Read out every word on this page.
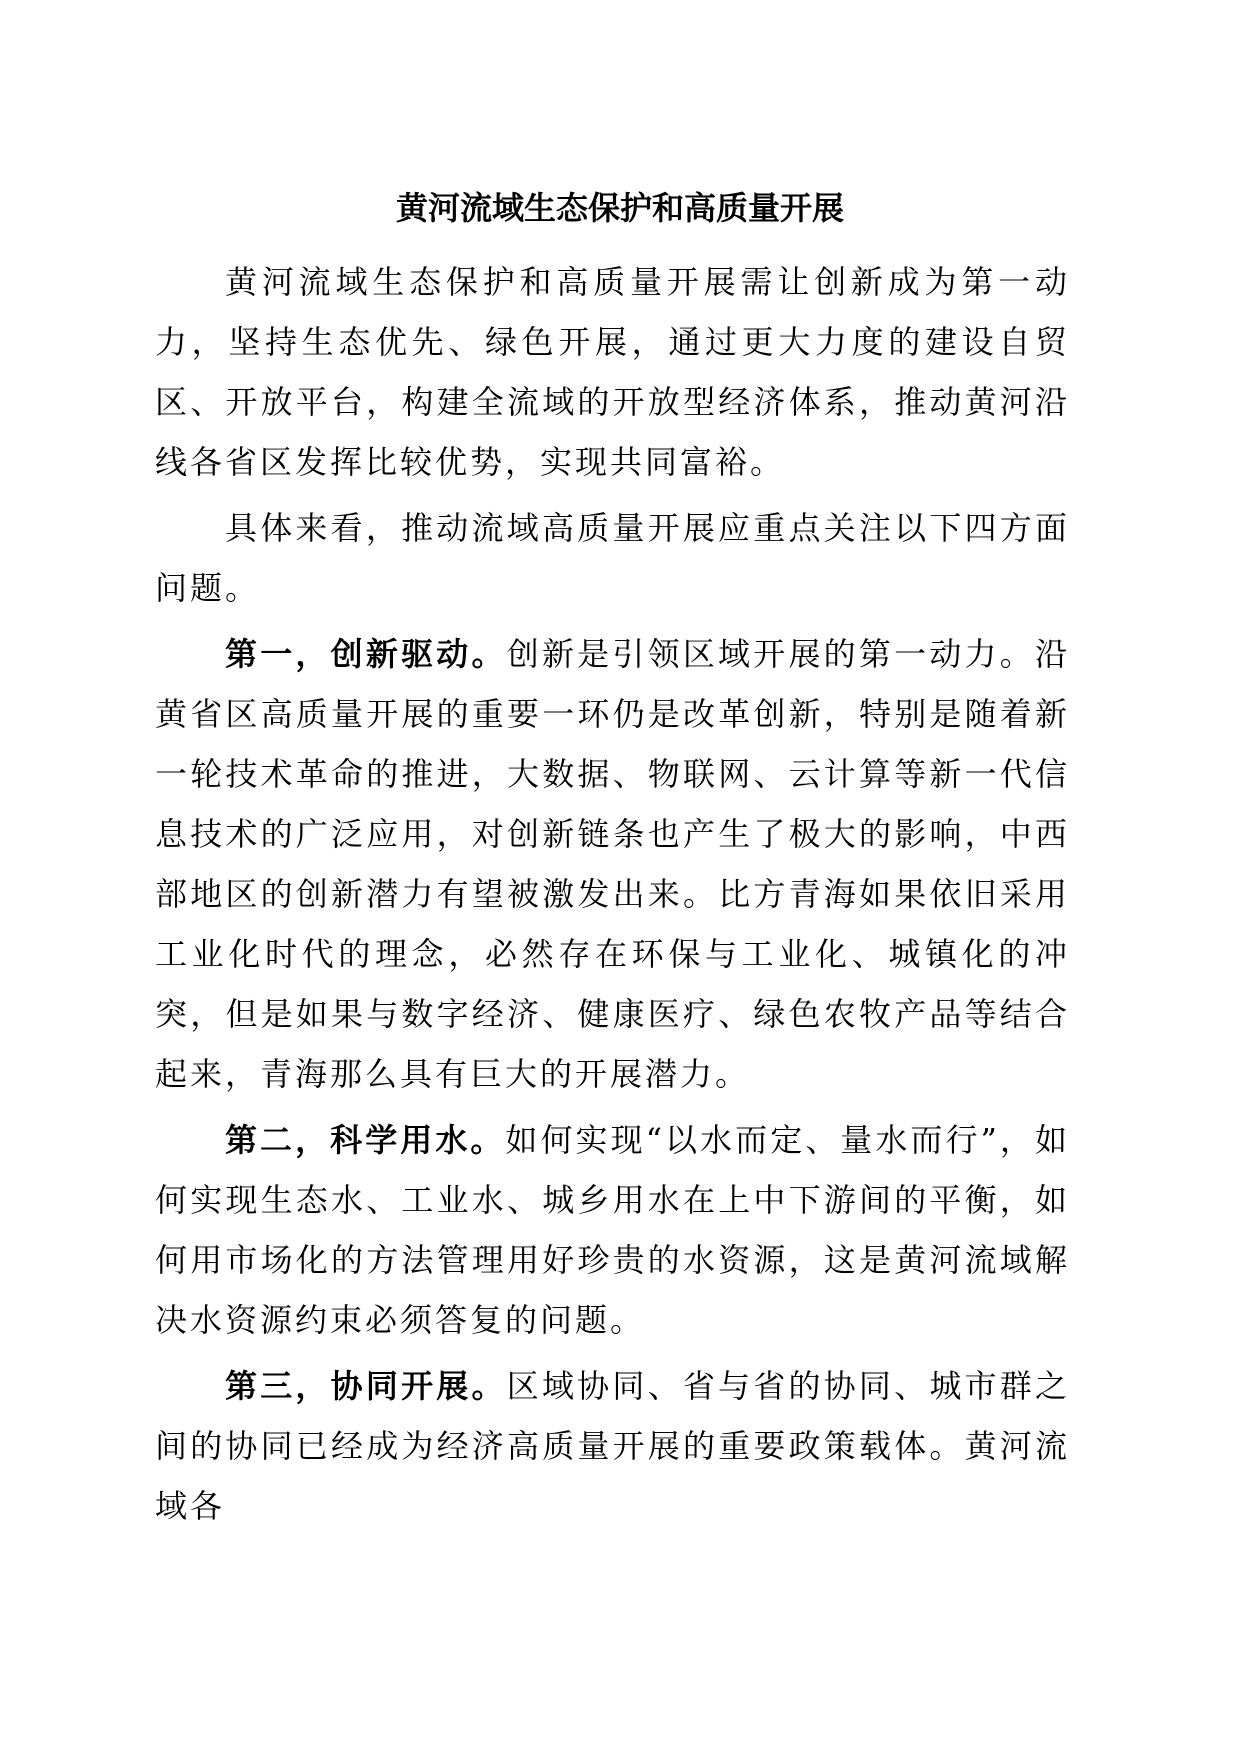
黄河流域生态保护和高质量开展

黄河流域生态保护和高质量开展需让创新成为第一动力，坚持生态优先、绿色开展，通过更大力度的建设自贸区、开放平台，构建全流域的开放型经济体系，推动黄河沿线各省区发挥比较优势，实现共同富裕。

具体来看，推动流域高质量开展应重点关注以下四方面问题。

第一，创新驱动。创新是引领区域开展的第一动力。沿黄省区高质量开展的重要一环仍是改革创新，特别是随着新一轮技术革命的推进，大数据、物联网、云计算等新一代信息技术的广泛应用，对创新链条也产生了极大的影响，中西部地区的创新潜力有望被激发出来。比方青海如果依旧采用工业化时代的理念，必然存在环保与工业化、城镇化的冲突，但是如果与数字经济、健康医疗、绿色农牧产品等结合起来，青海那么具有巨大的开展潜力。

第二，科学用水。如何实现“以水而定、量水而行”，如何实现生态水、工业水、城乡用水在上中下游间的平衡，如何用市场化的方法管理用好珍贵的水资源，这是黄河流域解决水资源约束必须答复的问题。

第三，协同开展。区域协同、省与省的协同、城市群之间的协同已经成为经济高质量开展的重要政策载体。黄河流域各
